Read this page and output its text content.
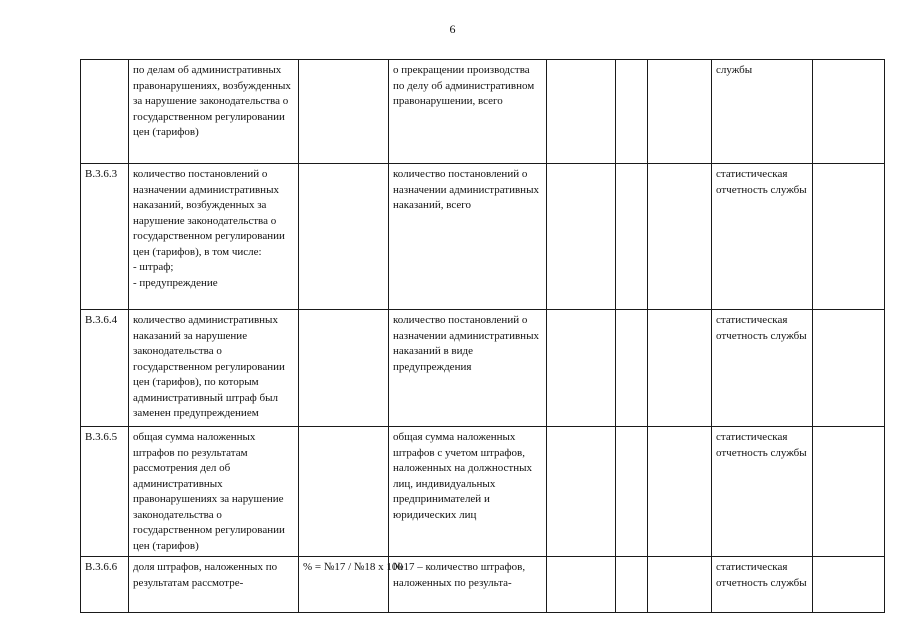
6

	по делам об административных правонарушениях, возбужденных за нарушение законодательства о государственном регулировании цен (тарифов)		о прекращении производства по делу об административном правонарушении, всего				службы	

В.3.6.3	количество постановлений о назначении административных наказаний, возбужденных за нарушение законодательства о государственном регулировании цен (тарифов), в том числе:
- штраф;
- предупреждение		количество постановлений о назначении административных наказаний, всего				статистическая отчетность службы	

В.3.6.4	количество административных наказаний за нарушение законодательства о государственном регулировании цен (тарифов), по которым административный штраф был заменен предупреждением		количество постановлений о назначении административных наказаний в виде предупреждения				статистическая отчетность службы	

В.3.6.5	общая сумма наложенных штрафов по результатам рассмотрения дел об административных правонарушениях за нарушение законодательства о государственном регулировании цен (тарифов)		общая сумма наложенных штрафов с учетом штрафов, наложенных на должностных лиц, индивидуальных предпринимателей и юридических лиц				статистическая отчетность службы	

В.3.6.6	доля штрафов, наложенных по результатам рассмотре-	% = №17 / №18 x 100	№17 – количество штрафов, наложенных по результа-				статистическая отчетность службы	
